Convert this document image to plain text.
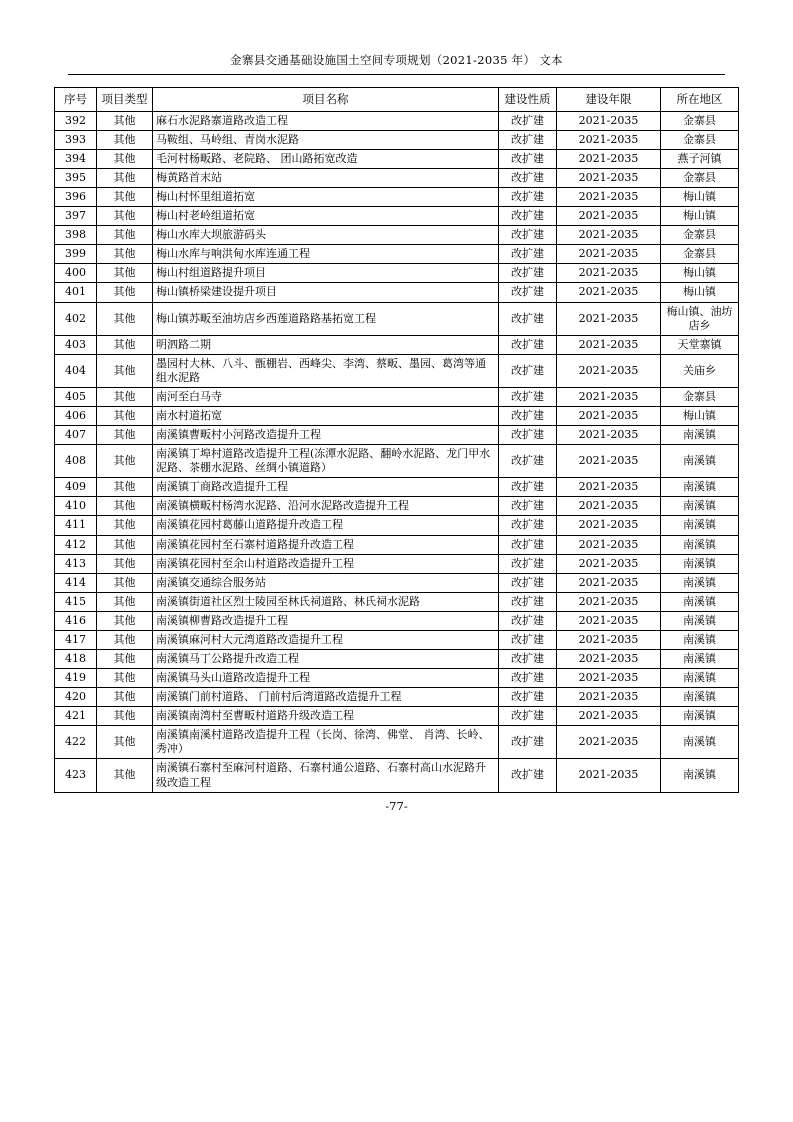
金寨县交通基础设施国土空间专项规划（2021-2035 年） 文本
序号	项目类型	项目名称	建设性质	建设年限	所在地区
392	其他	麻石水泥路寨道路改造工程	改扩建	2021-2035	金寨县
393	其他	马鞍组、马岭组、青岗水泥路	改扩建	2021-2035	金寨县
394	其他	毛河村杨畈路、老院路、 团山路拓宽改造	改扩建	2021-2035	燕子河镇
395	其他	梅黄路首末站	改扩建	2021-2035	金寨县
396	其他	梅山村怀里组道拓宽	改扩建	2021-2035	梅山镇
397	其他	梅山村老岭组道拓宽	改扩建	2021-2035	梅山镇
398	其他	梅山水库大坝旅游码头	改扩建	2021-2035	金寨县
399	其他	梅山水库与响洪甸水库连通工程	改扩建	2021-2035	金寨县
400	其他	梅山村组道路提升项目	改扩建	2021-2035	梅山镇
401	其他	梅山镇桥梁建设提升项目	改扩建	2021-2035	梅山镇
402	其他	梅山镇苏畈至油坊店乡西莲道路路基拓宽工程	改扩建	2021-2035	梅山镇、油坊店乡
403	其他	明泗路二期	改扩建	2021-2035	天堂寨镇
404	其他	墨园村大林、八斗、甑棚岩、西峰尖、李湾、蔡畈、墨园、葛湾等通组水泥路	改扩建	2021-2035	关庙乡
405	其他	南河至白马寺	改扩建	2021-2035	金寨县
406	其他	南水村道拓宽	改扩建	2021-2035	梅山镇
407	其他	南溪镇曹畈村小河路改造提升工程	改扩建	2021-2035	南溪镇
408	其他	南溪镇丁埠村道路改造提升工程(冻潭水泥路、翻岭水泥路、龙门甲水泥路、茶棚水泥路、丝绸小镇道路）	改扩建	2021-2035	南溪镇
409	其他	南溪镇丁商路改造提升工程	改扩建	2021-2035	南溪镇
410	其他	南溪镇横畈村杨湾水泥路、沿河水泥路改造提升工程	改扩建	2021-2035	南溪镇
411	其他	南溪镇花园村葛藤山道路提升改造工程	改扩建	2021-2035	南溪镇
412	其他	南溪镇花园村至石寨村道路提升改造工程	改扩建	2021-2035	南溪镇
413	其他	南溪镇花园村至余山村道路改造提升工程	改扩建	2021-2035	南溪镇
414	其他	南溪镇交通综合服务站	改扩建	2021-2035	南溪镇
415	其他	南溪镇街道社区烈士陵园至林氏祠道路、林氏祠水泥路	改扩建	2021-2035	南溪镇
416	其他	南溪镇柳曹路改造提升工程	改扩建	2021-2035	南溪镇
417	其他	南溪镇麻河村大元湾道路改造提升工程	改扩建	2021-2035	南溪镇
418	其他	南溪镇马丁公路提升改造工程	改扩建	2021-2035	南溪镇
419	其他	南溪镇马头山道路改造提升工程	改扩建	2021-2035	南溪镇
420	其他	南溪镇门前村道路、 门前村后湾道路改造提升工程	改扩建	2021-2035	南溪镇
421	其他	南溪镇南湾村至曹畈村道路升级改造工程	改扩建	2021-2035	南溪镇
422	其他	南溪镇南溪村道路改造提升工程（长岗、徐湾、佛堂、 肖湾、长岭、秀冲）	改扩建	2021-2035	南溪镇
423	其他	南溪镇石寨村至麻河村道路、石寨村通公道路、石寨村高山水泥路升级改造工程	改扩建	2021-2035	南溪镇
-77-
